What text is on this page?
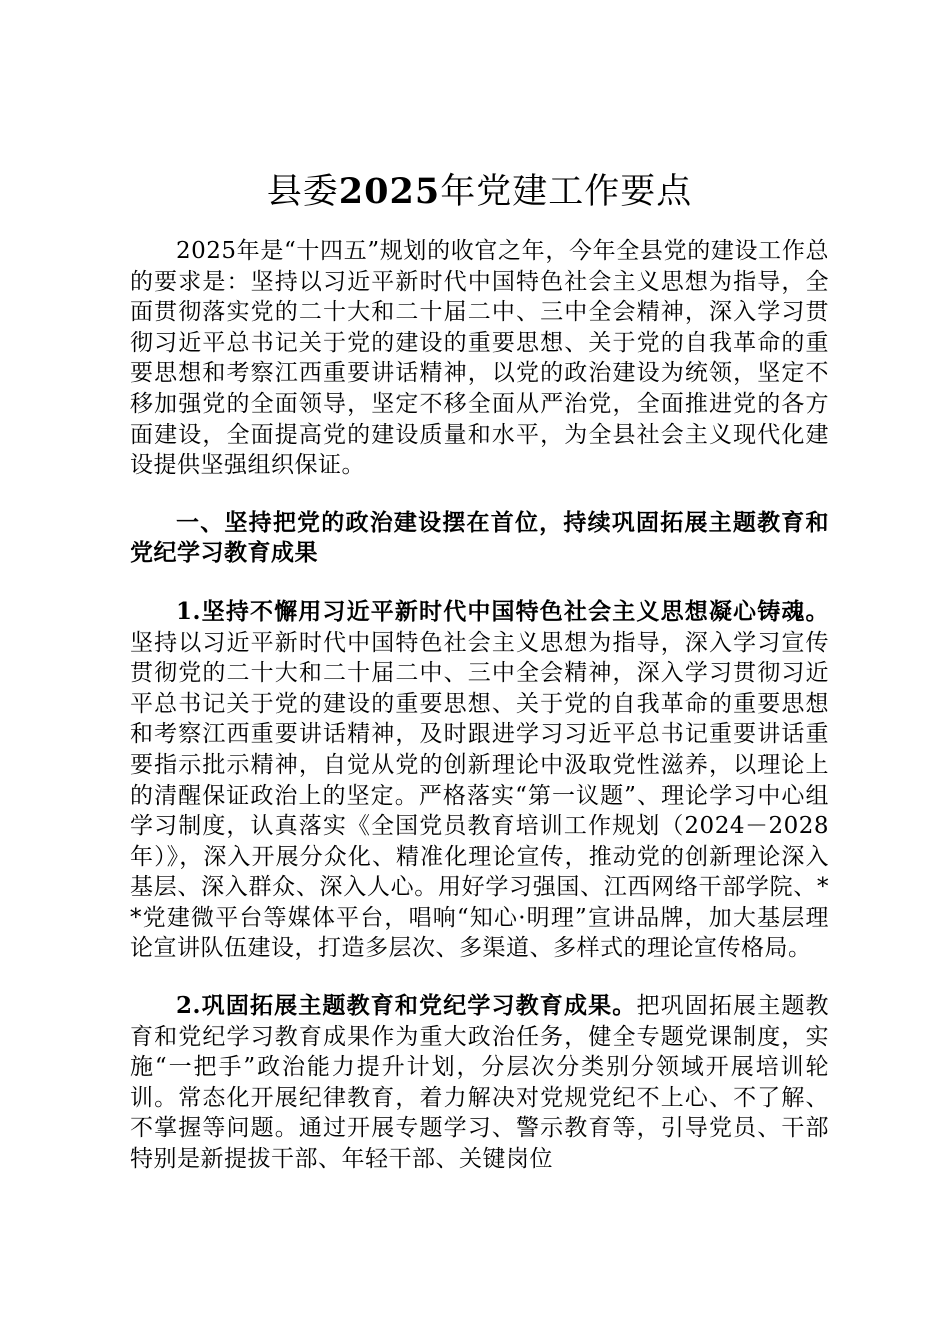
县委2025年党建工作要点

2025年是“十四五”规划的收官之年，今年全县党的建设工作总的要求是：坚持以习近平新时代中国特色社会主义思想为指导，全面贯彻落实党的二十大和二十届二中、三中全会精神，深入学习贯彻习近平总书记关于党的建设的重要思想、关于党的自我革命的重要思想和考察江西重要讲话精神，以党的政治建设为统领，坚定不移加强党的全面领导，坚定不移全面从严治党，全面推进党的各方面建设，全面提高党的建设质量和水平，为全县社会主义现代化建设提供坚强组织保证。

一、坚持把党的政治建设摆在首位，持续巩固拓展主题教育和党纪学习教育成果

1.坚持不懈用习近平新时代中国特色社会主义思想凝心铸魂。坚持以习近平新时代中国特色社会主义思想为指导，深入学习宣传贯彻党的二十大和二十届二中、三中全会精神，深入学习贯彻习近平总书记关于党的建设的重要思想、关于党的自我革命的重要思想和考察江西重要讲话精神，及时跟进学习习近平总书记重要讲话重要指示批示精神，自觉从党的创新理论中汲取党性滋养，以理论上的清醒保证政治上的坚定。严格落实“第一议题”、理论学习中心组学习制度，认真落实《全国党员教育培训工作规划（2024－2028年）》，深入开展分众化、精准化理论宣传，推动党的创新理论深入基层、深入群众、深入人心。用好学习强国、江西网络干部学院、**党建微平台等媒体平台，唱响“知心·明理”宣讲品牌，加大基层理论宣讲队伍建设，打造多层次、多渠道、多样式的理论宣传格局。

2.巩固拓展主题教育和党纪学习教育成果。把巩固拓展主题教育和党纪学习教育成果作为重大政治任务，健全专题党课制度，实施“一把手”政治能力提升计划，分层次分类别分领域开展培训轮训。常态化开展纪律教育，着力解决对党规党纪不上心、不了解、不掌握等问题。通过开展专题学习、警示教育等，引导党员、干部特别是新提拔干部、年轻干部、关键岗位
